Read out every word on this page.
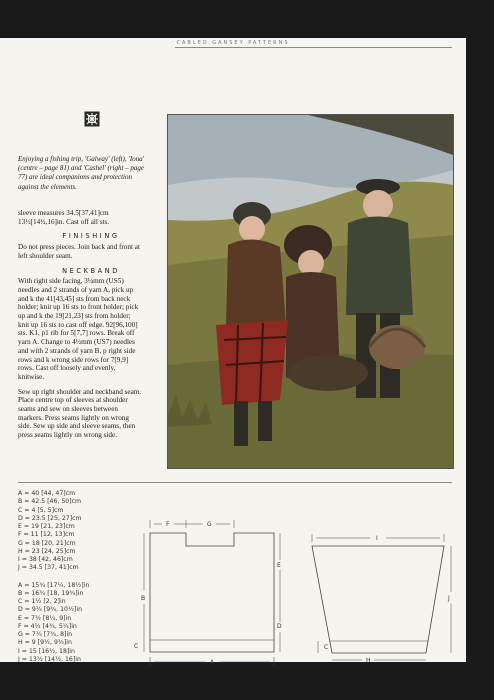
CABLED GANSEY PATTERNS
Enjoying a fishing trip, 'Galway' (left), 'Iona'
(centre – page 81) and 'Cashel' (right – page
77) are ideal companions and protection
against the elements.

sleeve measures 34.5[37,41]cm
13½[14½,16]in. Cast off all sts.

FINISHING

Do not press pieces. Join back and front at
left shoulder seam.

NECKBAND

With right side facing, 3¼mm (US5)
needles and 2 strands of yarn A, pick up
and k the 41[43,45] sts from back neck
holder; knit up 16 sts to front holder; pick
up and k the 19[21,23] sts from holder;
knit up 16 sts to cast off edge. 92[96,100]
sts. K1, p1 rib for 5[7,7] rows. Break off
yarn A. Change to 4½mm (US7) needles
and with 2 strands of yarn B, p right side
rows and k wrong side rows for 7[9,9]
rows. Cast off loosely and evenly,
knitwise.

Sew up right shoulder and neckband seam.
Place centre top of sleeves at shoulder
seams and sew on sleeves between
markers. Press seams lightly on wrong
side. Sew up side and sleeve seams, then
press seams lightly on wrong side.

A = 40 [44, 47]cm
B = 42.5 [46, 50]cm
C = 4 [5, 5]cm
D = 23.5 [25, 27]cm
E = 19 [21, 23]cm
F = 11 [12, 13]cm
G = 18 [20, 21]cm
H = 23 [24, 25]cm
I = 38 [42, 46]cm
J = 34.5 [37, 41]cm
A = 15¾ [17¼, 18½]in
B = 16¾ [18, 19¾]in
C = 1½ [2, 2]in
D = 9¼ [9¾, 10½]in
E = 7½ [8¼, 9]in
F = 4¼ [4¾, 5¼]in
G = 7¼ [7¾, 8]in
H = 9 [9½, 9¾]in
I = 15 [16½, 18]in
J = 13½ [14½, 16]in
F	G
A
B
C
D
E
I
J
H
C
